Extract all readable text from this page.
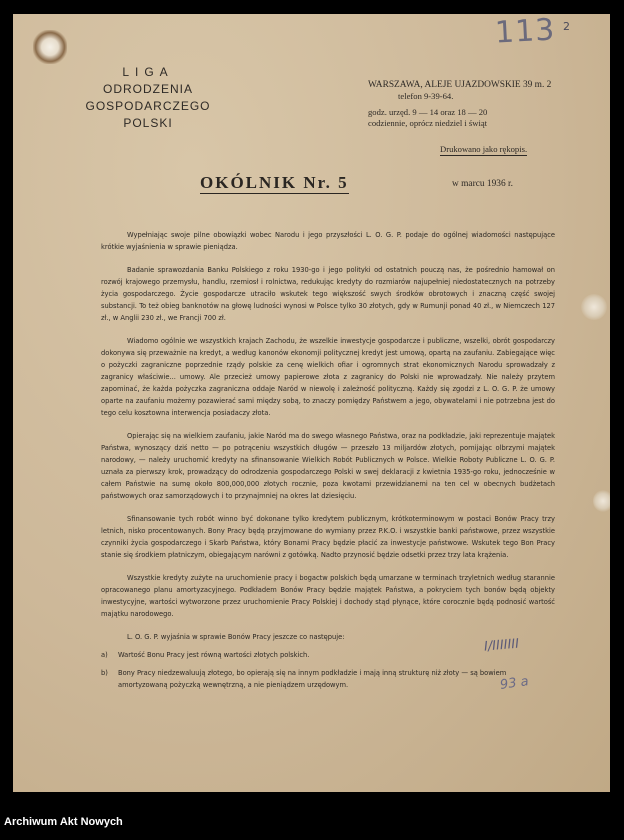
113 2
LIGA
ODRODZENIA GOSPODARCZEGO
POLSKI
WARSZAWA, ALEJE UJAZDOWSKIE 39 m. 2
telefon 9-39-64.
godz. urzęd. 9 — 14 oraz 18 — 20
codziennie, oprócz niedziel i świąt
Drukowano jako rękopis.
OKÓLNIK Nr. 5	w marcu 1936 r.

Wypełniając swoje pilne obowiązki wobec Narodu i jego przyszłości L. O. G. P. podaje do ogólnej wiadomości następujące krótkie wyjaśnienia w sprawie pieniądza.

Badanie sprawozdania Banku Polskiego z roku 1930-go i jego polityki od ostatnich pouczą nas, że pośrednio hamował on rozwój krajowego przemysłu, handlu, rzemiosł i rolnictwa, redukując kredyty do rozmiarów najupełniej niedostatecznych na potrzeby życia gospodarczego. Życie gospodarcze utraciło wskutek tego większość swych środków obrotowych i znaczną część swojej substancji. To też obieg banknotów na głowę ludności wynosi w Polsce tylko 30 złotych, gdy w Rumunji ponad 40 zł., w Niemczech 127 zł., w Anglii 230 zł., we Francji 700 zł.

Wiadomo ogólnie we wszystkich krajach Zachodu, że wszelkie inwestycje gospodarcze i publiczne, wszelki, obrót gospodarczy dokonywa się przeważnie na kredyt, a według kanonów ekonomji politycznej kredyt jest umową, opartą na zaufaniu. Zabiegające więc o pożyczki zagraniczne poprzednie rządy polskie za cenę wielkich ofiar i ogromnych strat ekonomicznych Narodu sprowadzały z zagranicy właściwie... umowy. Ale przecież umowy papierowe złota z zagranicy do Polski nie wprowadzały. Nie należy przytem zapominać, że każda pożyczka zagraniczna oddaje Naród w niewolę i zależność polityczną. Każdy się zgodzi z L. O. G. P. że umowy oparte na zaufaniu możemy pozawierać sami między sobą, to znaczy pomiędzy Państwem a jego, obywatelami i nie potrzebna jest do tego celu kosztowna interwencja posiadaczy złota.

Opierając się na wielkiem zaufaniu, jakie Naród ma do swego własnego Państwa, oraz na podkładzie, jaki reprezentuje majątek Państwa, wynoszący dziś netto — po potrąceniu wszystkich długów — przeszło 13 miljardów złotych, pomijając olbrzymi majątek narodowy, — należy uruchomić kredyty na sfinansowanie Wielkich Robót Publicznych w Polsce. Wielkie Roboty Publiczne L. O. G. P. uznała za pierwszy krok, prowadzący do odrodzenia gospodarczego Polski w swej deklaracji z kwietnia 1935-go roku, jednocześnie w całem Państwie na sumę około 800,000,000 złotych rocznie, poza kwotami przewidzianemi na ten cel w obecnych budżetach państwowych oraz samorządowych i to przynajmniej na okres lat dziesięciu.

Sfinansowanie tych robót winno być dokonane tylko kredytem publicznym, krótkoterminowym w postaci Bonów Pracy trzy letnich, nisko procentowanych. Bony Pracy będą przyjmowane do wymiany przez P.K.O. i wszystkie banki państwowe, przez wszystkie czynniki życia gospodarczego i Skarb Państwa, który Bonami Pracy będzie płacić za inwestycje państwowe. Wskutek tego Bon Pracy stanie się środkiem płatniczym, obiegającym narówni z gotówką. Nadto przynosić będzie odsetki przez trzy lata krążenia.

Wszystkie kredyty zużyte na uruchomienie pracy i bogactw polskich będą umarzane w terminach trzyletnich według starannie opracowanego planu amortyzacyjnego. Podkładem Bonów Pracy będzie majątek Państwa, a pokryciem tych bonów będą objekty inwestycyjne, wartości wytworzone przez uruchomienie Pracy Polskiej i dochody stąd płynące, które corocznie będą podnosić wartość majątku narodowego.

L. O. G. P. wyjaśnia w sprawie Bonów Pracy jeszcze co następuje:

a)	Wartość Bonu Pracy jest równą wartości złotych polskich.
b)	Bony Pracy niedzewaluują złotego, bo opierają się na innym podkładzie i mają inną strukturę niż złoty — są bowiem amortyzowaną pożyczką wewnętrzną, a nie pieniądzem urzędowym.
I/IIIIIII
93 a
Archiwum Akt Nowych
